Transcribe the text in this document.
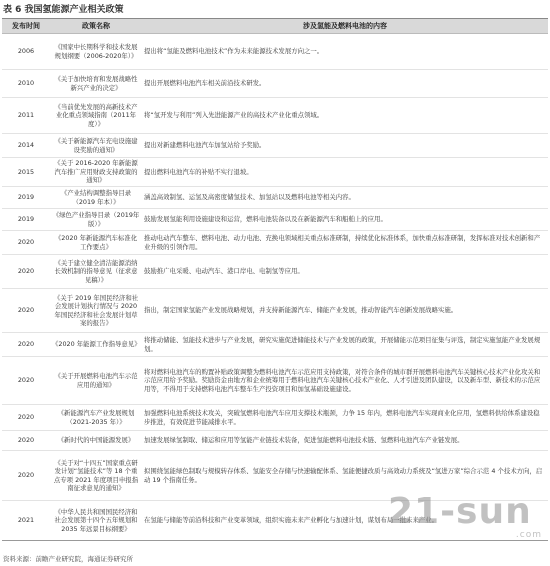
表 6 我国氢能源产业相关政策
发布时间	政策名称	涉及氢能及燃料电池的内容
2006	《国家中长期科学和技术发展规划纲要（2006-2020年）》	提出将“氢能及燃料电池技术”作为未来能源技术发展方向之一。
2010	《关于加快培育和发展战略性新兴产业的决定》	提出开展燃料电池汽车相关前沿技术研发。
2011	《当前优先发展的高新技术产业化重点领域指南（2011年度）》	将“氢开发与利用”列入先进能源产业的高技术产业化重点领域。
2014	《关于新能源汽车充电设施建设奖励的通知》	提出对新建燃料电池汽车加氢站给予奖励。
2015	《关于 2016-2020 年新能源汽车推广应用财政支持政策的通知》	提出燃料电池汽车的补贴不实行退坡。
2019	《产业结构调整指导目录（2019 年本）》	涵盖高效制氢、运氢及高密度储氢技术、加氢站以及燃料电池等相关内容。
2019	《绿色产业指导目录（2019年版）》	鼓励发展氢能利用设施建设和运营，燃料电池装备以及在新能源汽车和船舶上的应用。
2020	《2020 年新能源汽车标准化工作要点》	推动电动汽车整车、燃料电池、动力电池、充换电领域相关重点标准研制，持续优化标准体系，加快重点标准研制，发挥标准对技术创新和产业升级的引领作用。
2020	《关于建立健全清洁能源消纳长效机制的指导意见（征求意见稿）》	鼓励推广电采暖、电动汽车、港口岸电、电制氢等应用。
2020	《关于 2019 年国民经济和社会发展计划执行情况与 2020 年国民经济和社会发展计划草案的报告》	指出，制定国家氢能产业发展战略规划，并支持新能源汽车、储能产业发展，推动智能汽车创新发展战略实施。
2020	《2020 年能源工作指导意见》	将推动储能、氢能技术进步与产业发展，研究实施促进储能技术与产业发展的政策，开展储能示范项目征集与评选，制定实施氢能产业发展规划。
2020	《关于开展燃料电池汽车示范应用的通知》	将对燃料电池汽车的购置补贴政策调整为燃料电池汽车示范应用支持政策，对符合条件的城市群开展燃料电池汽车关键核心技术产业化攻关和示范应用给予奖励。奖励资金由地方和企业统筹用于燃料电池汽车关键核心技术产业化、人才引进及团队建设，以及新车型、新技术的示范应用等，不得用于支持燃料电池汽车整车生产投资项目和加氢基础设施建设。
2020	《新能源汽车产业发展规划（2021-2035 年）》	加强燃料电池系统技术攻关，突破氢燃料电池汽车应用支撑技术瓶颈，力争 15 年内，燃料电池汽车实现商业化应用，氢燃料供给体系建设稳步推进，有效促进节能减排水平。
2020	《新时代的中国能源发展》	加速发展绿氢制取、储运和应用等氢能产业链技术装备，促进氢能燃料电池技术链、氢燃料电池汽车产业链发展。
2020	《关于对“十四五”国家重点研发计划“氢能技术”等 18 个重点专项 2021 年度项目申报指南征求意见的通知》	拟围绕氢能绿色制取与规模转存体系、氢能安全存储与快速输配体系、氢能便捷改质与高效动力系统及“氢进万家”综合示范 4 个技术方向，启动 19 个指南任务。
2021	《中华人民共和国国民经济和社会发展第十四个五年规划和 2035 年远景目标纲要》	在氢能与储能等前沿科技和产业变革领域，组织实施未来产业孵化与加速计划，谋划布局一批未来产业。
资料来源：前瞻产业研究院，海通证券研究所
21-sun
.com
